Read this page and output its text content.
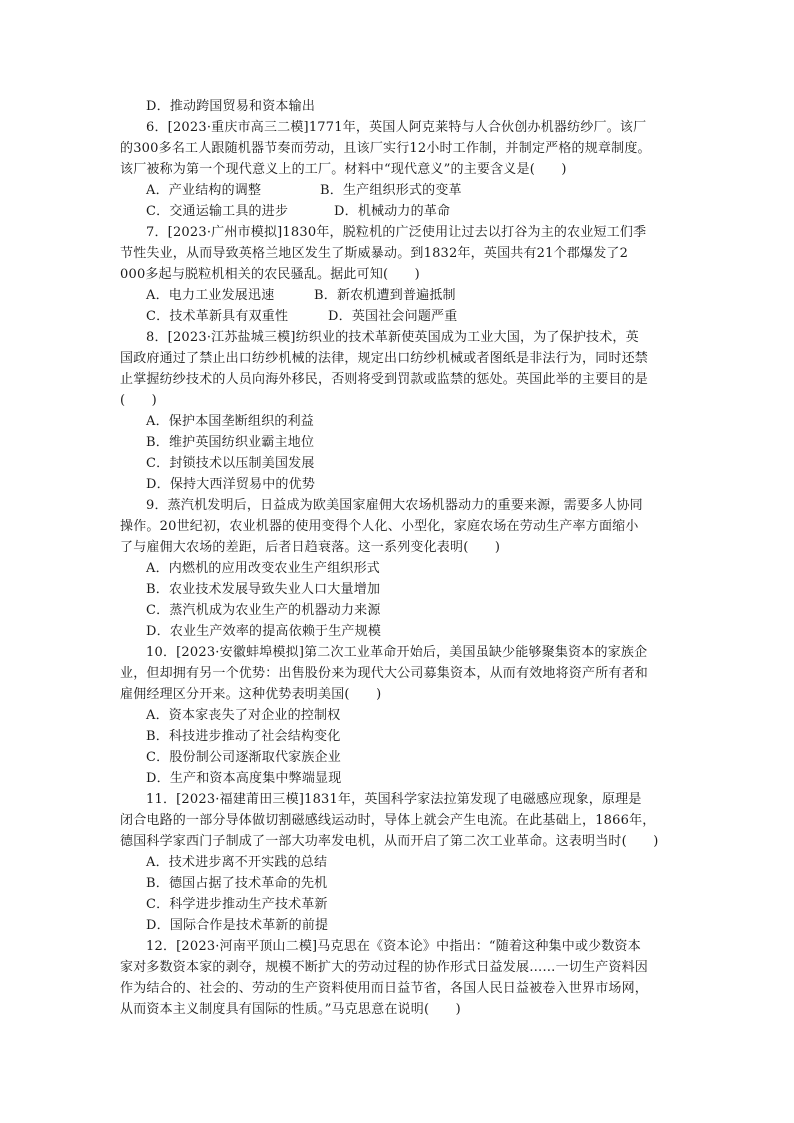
D．推动跨国贸易和资本输出
6．[2023·重庆市高三二模]1771年，英国人阿克莱特与人合伙创办机器纺纱厂。该厂
的300多名工人跟随机器节奏而劳动，且该厂实行12小时工作制，并制定严格的规章制度。
该厂被称为第一个现代意义上的工厂。材料中“现代意义”的主要含义是(　　)
A．产业结构的调整	B．生产组织形式的变革
C．交通运输工具的进步	D．机械动力的革命
7．[2023·广州市模拟]1830年，脱粒机的广泛使用让过去以打谷为主的农业短工们季
节性失业，从而导致英格兰地区发生了斯威暴动。到1832年，英国共有21个郡爆发了2
000多起与脱粒机相关的农民骚乱。据此可知(　　)
A．电力工业发展迅速	B．新农机遭到普遍抵制
C．技术革新具有双重性	D．英国社会问题严重
8．[2023·江苏盐城三模]纺织业的技术革新使英国成为工业大国，为了保护技术，英
国政府通过了禁止出口纺纱机械的法律，规定出口纺纱机械或者图纸是非法行为，同时还禁
止掌握纺纱技术的人员向海外移民，否则将受到罚款或监禁的惩处。英国此举的主要目的是
(　　)
A．保护本国垄断组织的利益
B．维护英国纺织业霸主地位
C．封锁技术以压制美国发展
D．保持大西洋贸易中的优势
9．蒸汽机发明后，日益成为欧美国家雇佣大农场机器动力的重要来源，需要多人协同
操作。20世纪初，农业机器的使用变得个人化、小型化，家庭农场在劳动生产率方面缩小
了与雇佣大农场的差距，后者日趋衰落。这一系列变化表明(　　)
A．内燃机的应用改变农业生产组织形式
B．农业技术发展导致失业人口大量增加
C．蒸汽机成为农业生产的机器动力来源
D．农业生产效率的提高依赖于生产规模
10．[2023·安徽蚌埠模拟]第二次工业革命开始后，美国虽缺少能够聚集资本的家族企
业，但却拥有另一个优势：出售股份来为现代大公司募集资本，从而有效地将资产所有者和
雇佣经理区分开来。这种优势表明美国(　　)
A．资本家丧失了对企业的控制权
B．科技进步推动了社会结构变化
C．股份制公司逐渐取代家族企业
D．生产和资本高度集中弊端显现
11．[2023·福建莆田三模]1831年，英国科学家法拉第发现了电磁感应现象，原理是
闭合电路的一部分导体做切割磁感线运动时，导体上就会产生电流。在此基础上，1866年，
德国科学家西门子制成了一部大功率发电机，从而开启了第二次工业革命。这表明当时(　　)
A．技术进步离不开实践的总结
B．德国占据了技术革命的先机
C．科学进步推动生产技术革新
D．国际合作是技术革新的前提
12．[2023·河南平顶山二模]马克思在《资本论》中指出：“随着这种集中或少数资本
家对多数资本家的剥夺，规模不断扩大的劳动过程的协作形式日益发展……一切生产资料因
作为结合的、社会的、劳动的生产资料使用而日益节省，各国人民日益被卷入世界市场网，
从而资本主义制度具有国际的性质。”马克思意在说明(　　)
